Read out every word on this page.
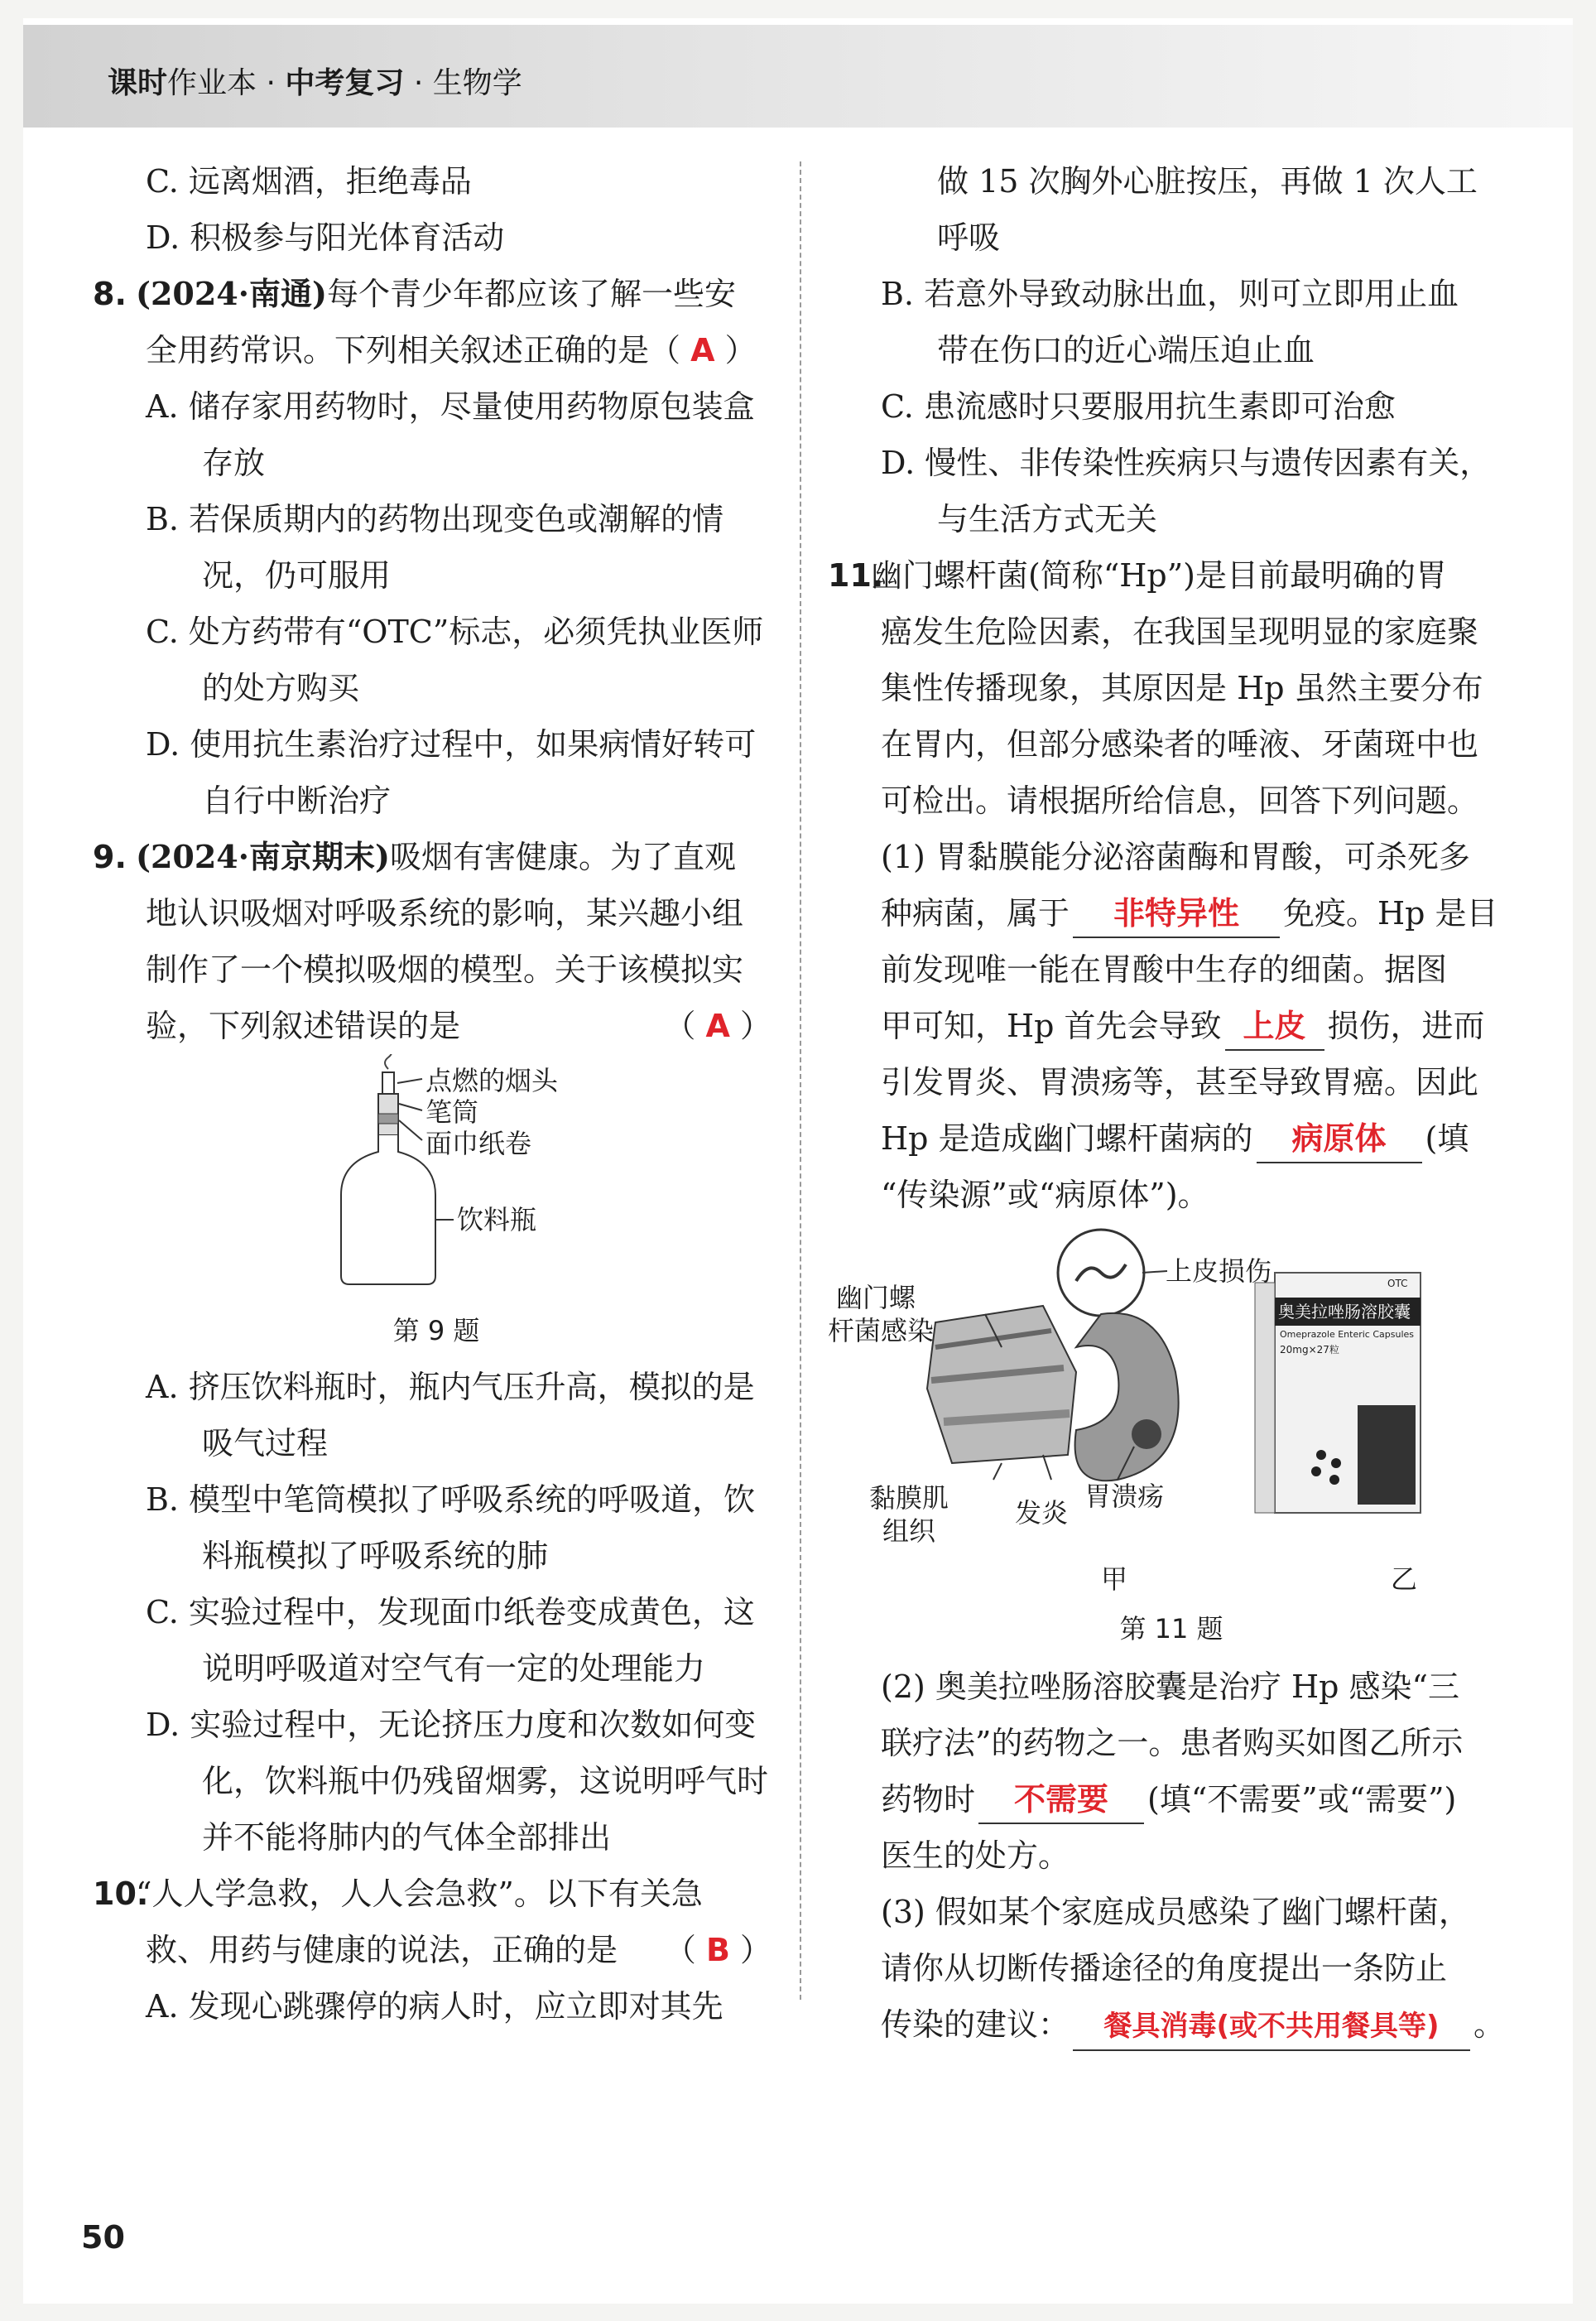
课时作业本 · 中考复习 · 生物学
C. 远离烟酒，拒绝毒品
D. 积极参与阳光体育活动
8. (2024·南通)每个青少年都应该了解一些安
全用药常识。下列相关叙述正确的是（ A ）
A. 储存家用药物时，尽量使用药物原包装盒
存放
B. 若保质期内的药物出现变色或潮解的情
况，仍可服用
C. 处方药带有“OTC”标志，必须凭执业医师
的处方购买
D. 使用抗生素治疗过程中，如果病情好转可
自行中断治疗
9. (2024·南京期末)吸烟有害健康。为了直观
地认识吸烟对呼吸系统的影响，某兴趣小组
制作了一个模拟吸烟的模型。关于该模拟实
验，下列叙述错误的是	（ A ）
点燃的烟头
笔筒
面巾纸卷
饮料瓶
第 9 题
A. 挤压饮料瓶时，瓶内气压升高，模拟的是
吸气过程
B. 模型中笔筒模拟了呼吸系统的呼吸道，饮
料瓶模拟了呼吸系统的肺
C. 实验过程中，发现面巾纸卷变成黄色，这
说明呼吸道对空气有一定的处理能力
D. 实验过程中，无论挤压力度和次数如何变
化，饮料瓶中仍残留烟雾，这说明呼气时
并不能将肺内的气体全部排出
10.“人人学急救，人人会急救”。以下有关急
救、用药与健康的说法，正确的是 （ B ）
A. 发现心跳骤停的病人时，应立即对其先
做 15 次胸外心脏按压，再做 1 次人工
呼吸
B. 若意外导致动脉出血，则可立即用止血
带在伤口的近心端压迫止血
C. 患流感时只要服用抗生素即可治愈
D. 慢性、非传染性疾病只与遗传因素有关，
与生活方式无关
11.幽门螺杆菌(简称“Hp”)是目前最明确的胃
癌发生危险因素，在我国呈现明显的家庭聚
集性传播现象，其原因是 Hp 虽然主要分布
在胃内，但部分感染者的唾液、牙菌斑中也
可检出。请根据所给信息，回答下列问题。
(1) 胃黏膜能分泌溶菌酶和胃酸，可杀死多
种病菌，属于 非特异性 免疫。Hp 是目
前发现唯一能在胃酸中生存的细菌。据图
甲可知，Hp 首先会导致 上皮 损伤，进而
引发胃炎、胃溃疡等，甚至导致胃癌。因此
Hp 是造成幽门螺杆菌病的 病原体 (填
“传染源”或“病原体”)。
幽门螺
杆菌感染
上皮损伤
黏膜肌
组织
发炎
胃溃疡
奥美拉唑肠溶胶囊
Omeprazole Enteric Capsules
20mg×27粒
OTC
甲	乙
第 11 题
(2) 奥美拉唑肠溶胶囊是治疗 Hp 感染“三
联疗法”的药物之一。患者购买如图乙所示
药物时 不需要 (填“不需要”或“需要”)
医生的处方。
(3) 假如某个家庭成员感染了幽门螺杆菌，
请你从切断传播途径的角度提出一条防止
传染的建议： 餐具消毒(或不共用餐具等) 。
50
